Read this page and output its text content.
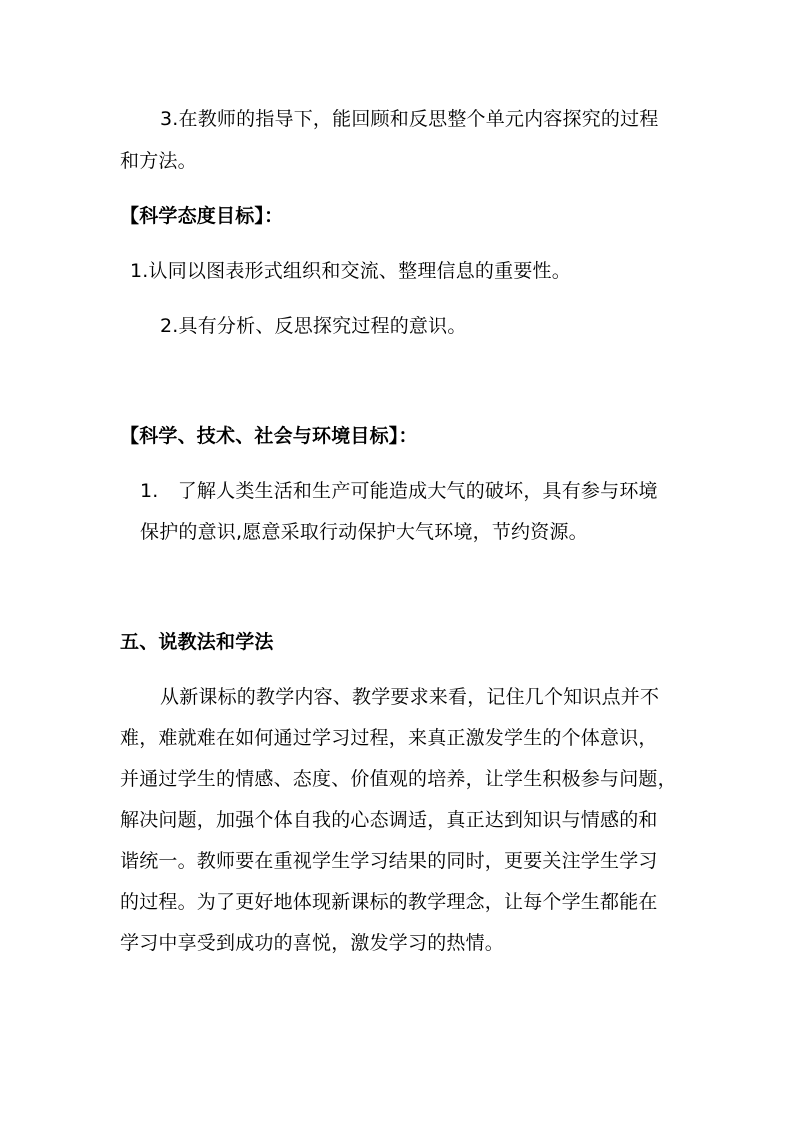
3.在教师的指导下，能回顾和反思整个单元内容探究的过程
和方法。
【科学态度目标】：
1.认同以图表形式组织和交流、整理信息的重要性。
2.具有分析、反思探究过程的意识。
【科学、技术、社会与环境目标】：
1.　了解人类生活和生产可能造成大气的破坏，具有参与环境
保护的意识,愿意采取行动保护大气环境，节约资源。
五、说教法和学法
从新课标的教学内容、教学要求来看，记住几个知识点并不
难，难就难在如何通过学习过程，来真正激发学生的个体意识，
并通过学生的情感、态度、价值观的培养，让学生积极参与问题，
解决问题，加强个体自我的心态调适，真正达到知识与情感的和
谐统一。教师要在重视学生学习结果的同时，更要关注学生学习
的过程。为了更好地体现新课标的教学理念，让每个学生都能在
学习中享受到成功的喜悦，激发学习的热情。
